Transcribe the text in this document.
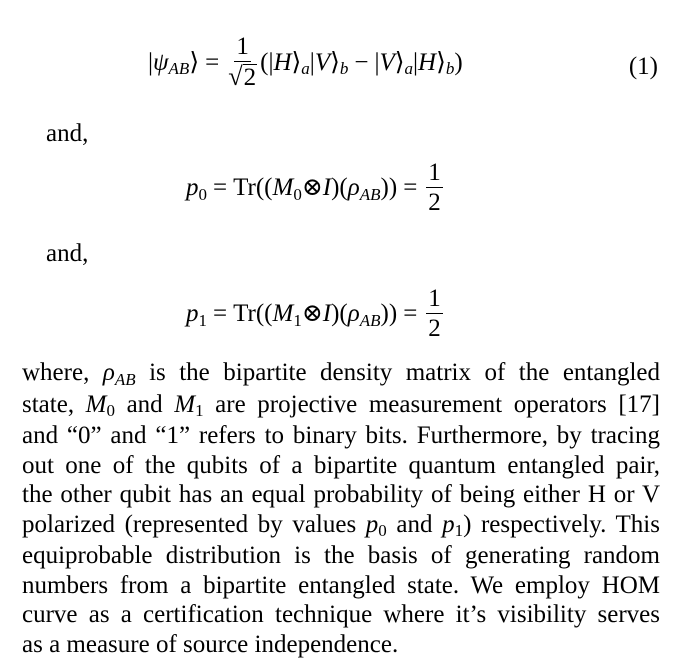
|ψAB⟩ = $\frac{1}{√ 2}$ (|H⟩a|V⟩b − |V⟩a|H⟩b)	(1)
and,
p0 = Tr ((M0⊗I)(ρAB)) = $\frac{1}{2}$
and,
p1 = Tr ((M1⊗I)(ρAB)) = $\frac{1}{2}$
where, ρAB is the bipartite density matrix of the entangled
state, M0 and M1 are projective measurement operators [17]
and “0” and “1” refers to binary bits. Furthermore, by tracing
out one of the qubits of a bipartite quantum entangled pair,
the other qubit has an equal probability of being either H or V
polarized (represented by values p0 and p1) respectively. This
equiprobable distribution is the basis of generating random
numbers from a bipartite entangled state. We employ HOM
curve as a certification technique where it’s visibility serves
as a measure of source independence.
